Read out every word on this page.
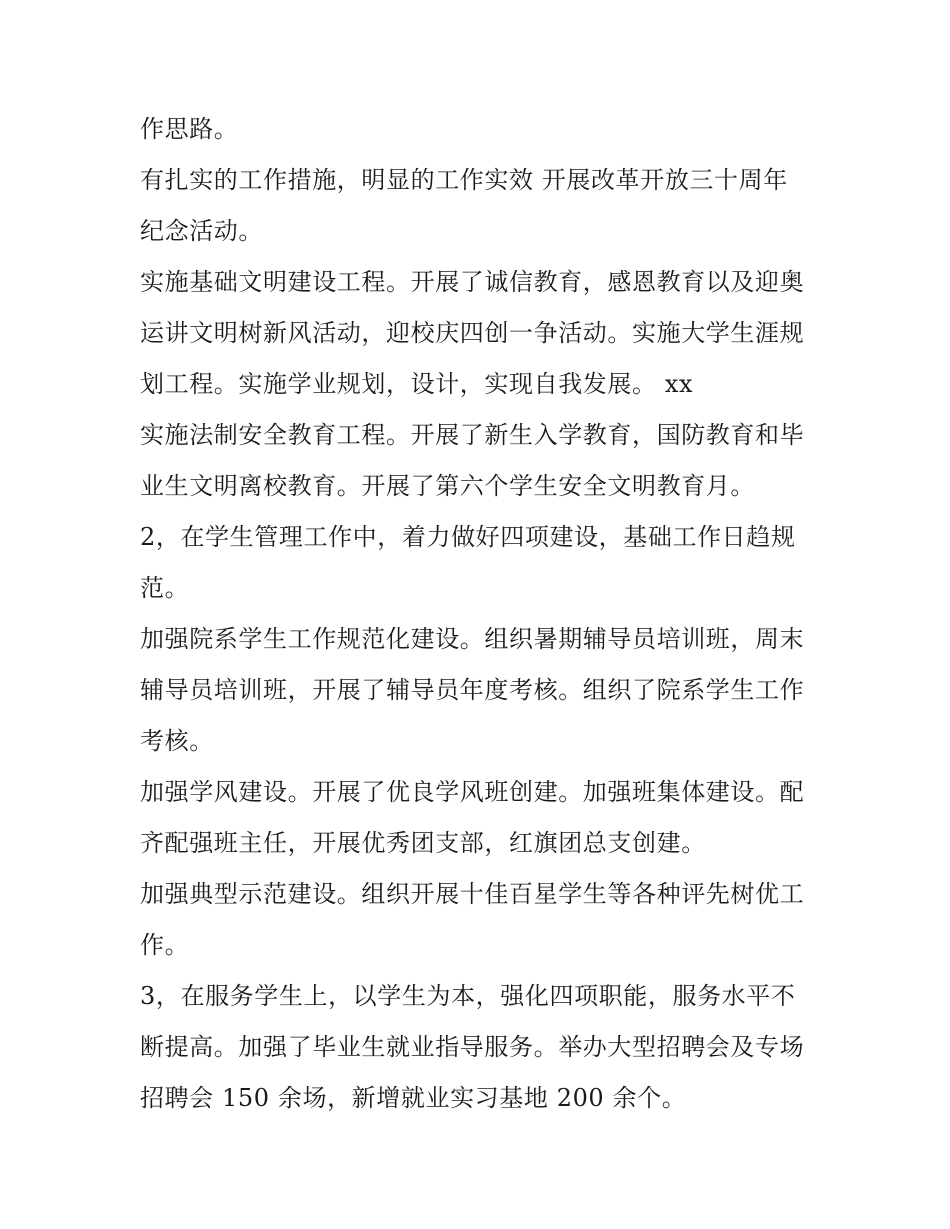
作思路。

有扎实的工作措施，明显的工作实效 开展改革开放三十周年

纪念活动。

实施基础文明建设工程。开展了诚信教育，感恩教育以及迎奥

运讲文明树新风活动，迎校庆四创一争活动。实施大学生涯规

划工程。实施学业规划，设计，实现自我发展。 xx

实施法制安全教育工程。开展了新生入学教育，国防教育和毕

业生文明离校教育。开展了第六个学生安全文明教育月。

2，在学生管理工作中，着力做好四项建设，基础工作日趋规

范。

加强院系学生工作规范化建设。组织暑期辅导员培训班，周末

辅导员培训班，开展了辅导员年度考核。组织了院系学生工作

考核。

加强学风建设。开展了优良学风班创建。加强班集体建设。配

齐配强班主任，开展优秀团支部，红旗团总支创建。

加强典型示范建设。组织开展十佳百星学生等各种评先树优工

作。

3，在服务学生上，以学生为本，强化四项职能，服务水平不

断提高。加强了毕业生就业指导服务。举办大型招聘会及专场

招聘会 150 余场，新增就业实习基地 200 余个。
